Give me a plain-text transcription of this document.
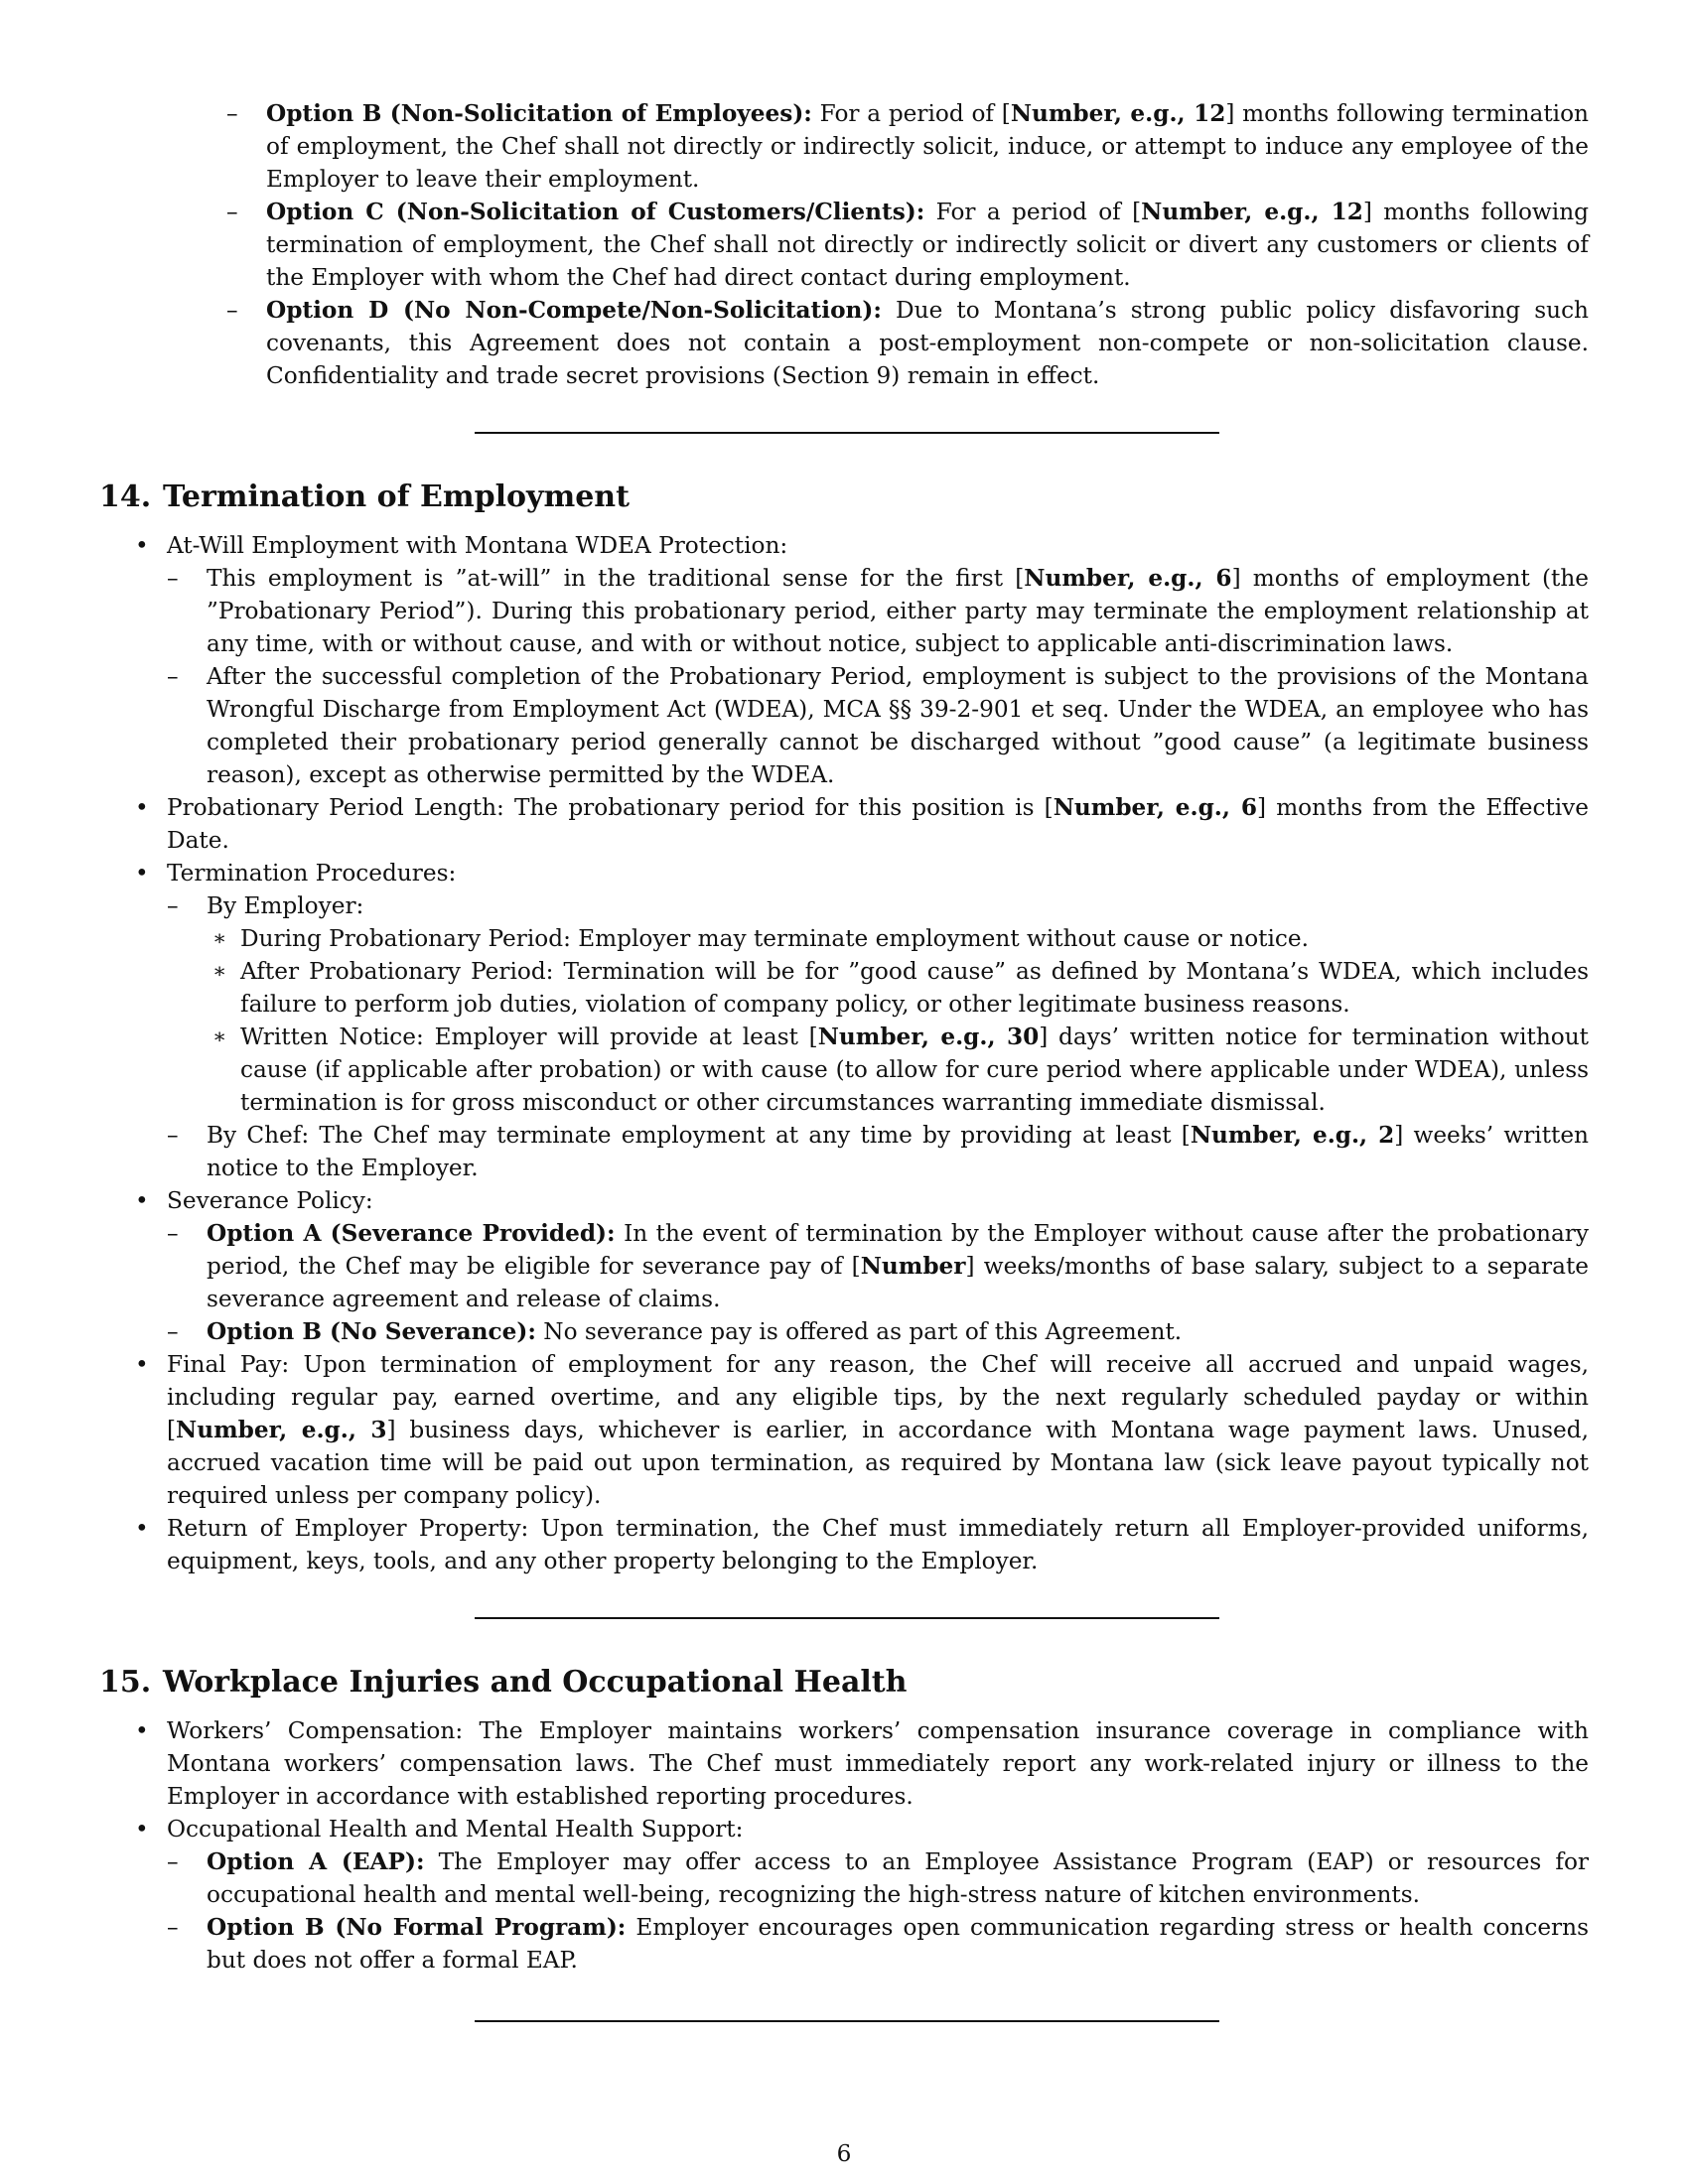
– Option B (Non-Solicitation of Employees): For a period of [Number, e.g., 12] months following termination of employment, the Chef shall not directly or indirectly solicit, induce, or attempt to induce any employee of the Employer to leave their employment.
– Option C (Non-Solicitation of Customers/Clients): For a period of [Number, e.g., 12] months following termination of employment, the Chef shall not directly or indirectly solicit or divert any customers or clients of the Employer with whom the Chef had direct contact during employment.
– Option D (No Non-Compete/Non-Solicitation): Due to Montana’s strong public policy disfavoring such covenants, this Agreement does not contain a post-employment non-compete or non-solicitation clause. Confidentiality and trade secret provisions (Section 9) remain in effect.
14. Termination of Employment
• At-Will Employment with Montana WDEA Protection:
– This employment is ”at-will” in the traditional sense for the first [Number, e.g., 6] months of employment (the ”Probationary Period”). During this probationary period, either party may terminate the employment relationship at any time, with or without cause, and with or without notice, subject to applicable anti-discrimination laws.
– After the successful completion of the Probationary Period, employment is subject to the provisions of the Montana Wrongful Discharge from Employment Act (WDEA), MCA §§ 39-2-901 et seq. Under the WDEA, an employee who has completed their probationary period generally cannot be discharged without ”good cause” (a legitimate business reason), except as otherwise permitted by the WDEA.
• Probationary Period Length: The probationary period for this position is [Number, e.g., 6] months from the Effective Date.
• Termination Procedures:
– By Employer:
∗ During Probationary Period: Employer may terminate employment without cause or notice.
∗ After Probationary Period: Termination will be for ”good cause” as defined by Montana’s WDEA, which includes failure to perform job duties, violation of company policy, or other legitimate business reasons.
∗ Written Notice: Employer will provide at least [Number, e.g., 30] days’ written notice for termination without cause (if applicable after probation) or with cause (to allow for cure period where applicable under WDEA), unless termination is for gross misconduct or other circumstances warranting immediate dismissal.
– By Chef: The Chef may terminate employment at any time by providing at least [Number, e.g., 2] weeks’ written notice to the Employer.
• Severance Policy:
– Option A (Severance Provided): In the event of termination by the Employer without cause after the probationary period, the Chef may be eligible for severance pay of [Number] weeks/months of base salary, subject to a separate severance agreement and release of claims.
– Option B (No Severance): No severance pay is offered as part of this Agreement.
• Final Pay: Upon termination of employment for any reason, the Chef will receive all accrued and unpaid wages, including regular pay, earned overtime, and any eligible tips, by the next regularly scheduled payday or within [Number, e.g., 3] business days, whichever is earlier, in accordance with Montana wage payment laws. Unused, accrued vacation time will be paid out upon termination, as required by Montana law (sick leave payout typically not required unless per company policy).
• Return of Employer Property: Upon termination, the Chef must immediately return all Employer-provided uniforms, equipment, keys, tools, and any other property belonging to the Employer.
15. Workplace Injuries and Occupational Health
• Workers’ Compensation: The Employer maintains workers’ compensation insurance coverage in compliance with Montana workers’ compensation laws. The Chef must immediately report any work-related injury or illness to the Employer in accordance with established reporting procedures.
• Occupational Health and Mental Health Support:
– Option A (EAP): The Employer may offer access to an Employee Assistance Program (EAP) or resources for occupational health and mental well-being, recognizing the high-stress nature of kitchen environments.
– Option B (No Formal Program): Employer encourages open communication regarding stress or health concerns but does not offer a formal EAP.
6
